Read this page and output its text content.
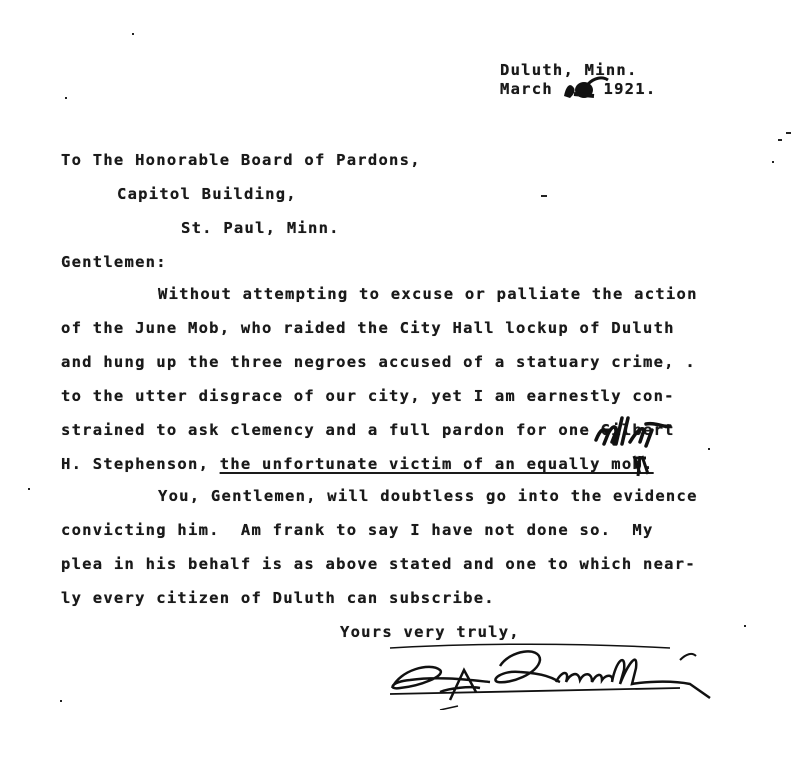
Duluth, Minn.
March	1921.
To The Honorable Board of Pardons,
Capitol Building,
St. Paul, Minn.
Gentlemen:
Without attempting to excuse or palliate the action
of the June Mob, who raided the City Hall lockup of Duluth
and hung up the three negroes accused of a statuary crime, .
to the utter disgrace of our city, yet I am earnestly con-
strained to ask clemency and a full pardon for one Gilbert
H. Stephenson, the unfortunate victim of an equally mob.
You, Gentlemen, will doubtless go into the evidence
convicting him.  Am frank to say I have not done so.  My
plea in his behalf is as above stated and one to which near-
ly every citizen of Duluth can subscribe.
Yours very truly,
